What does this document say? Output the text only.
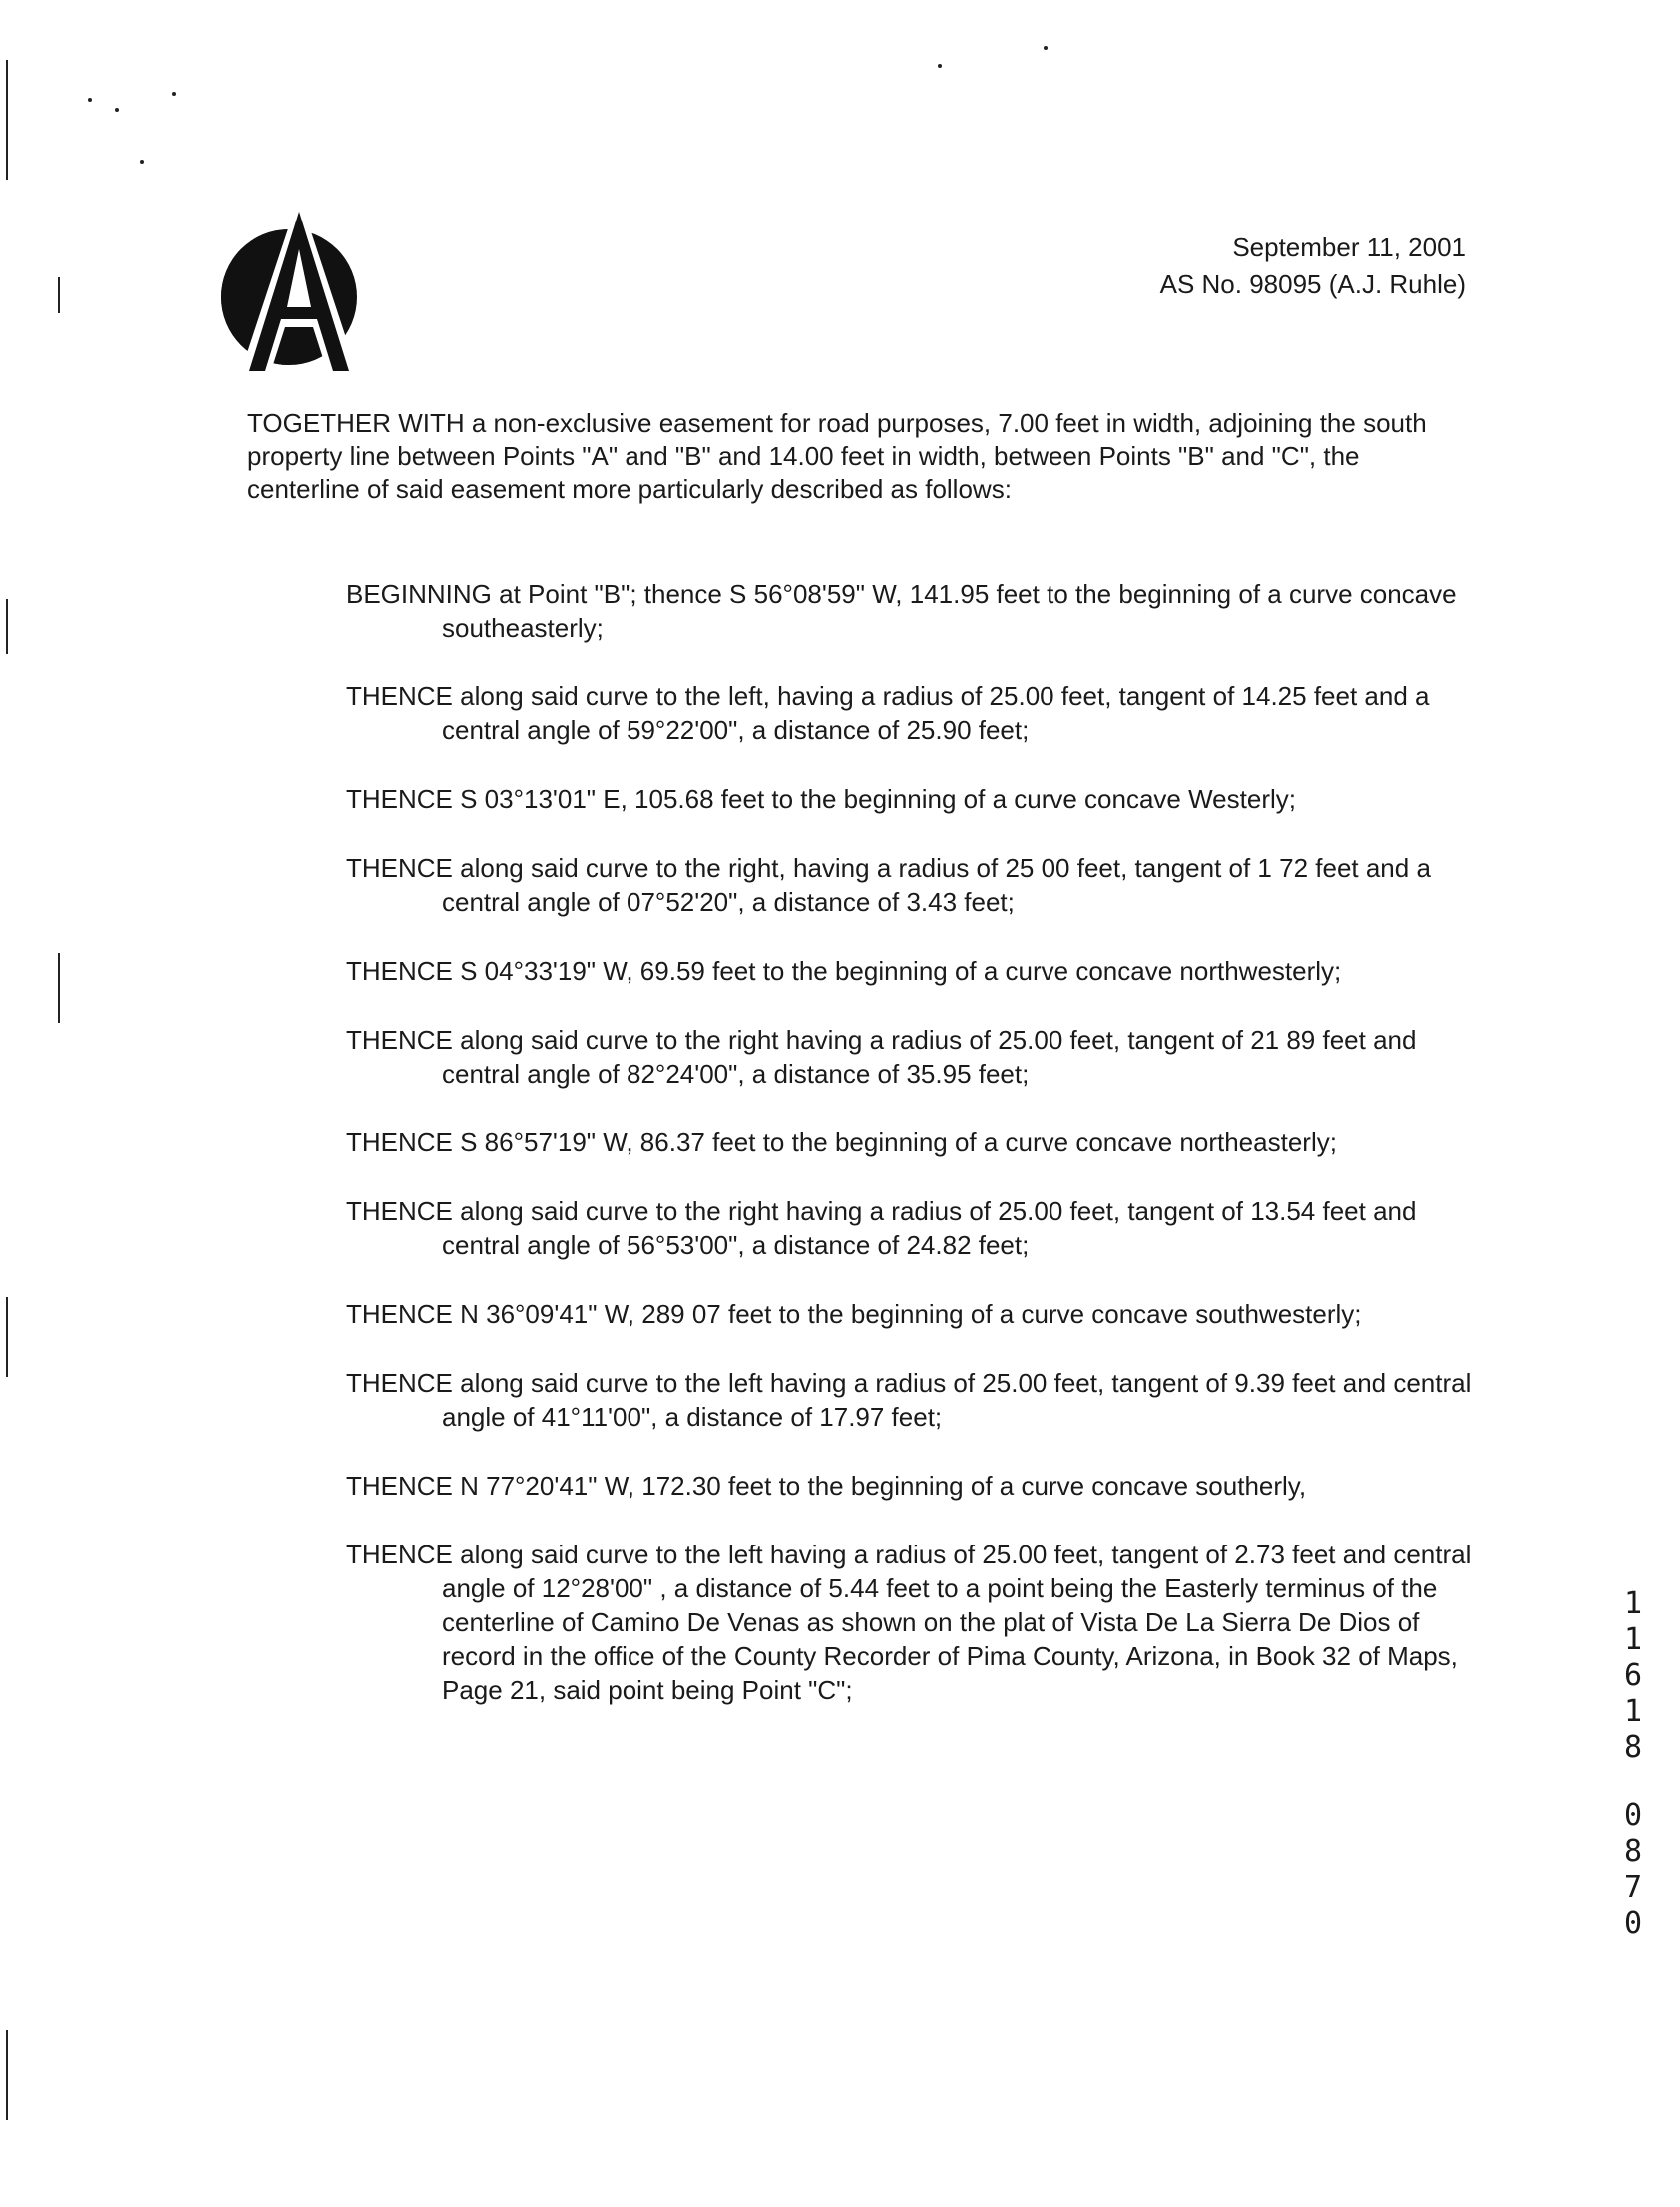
September 11, 2001
AS No. 98095 (A.J. Ruhle)
TOGETHER WITH a non-exclusive easement for road purposes, 7.00 feet in width, adjoining the south property line between Points "A" and "B" and 14.00 feet in width, between Points "B" and "C", the centerline of said easement more particularly described as follows:

BEGINNING at Point "B"; thence S 56°08'59" W, 141.95 feet to the beginning of a curve concave southeasterly;

THENCE along said curve to the left, having a radius of 25.00 feet, tangent of 14.25 feet and a central angle of 59°22'00", a distance of 25.90 feet;

THENCE S 03°13'01" E, 105.68 feet to the beginning of a curve concave Westerly;

THENCE along said curve to the right, having a radius of 25 00 feet, tangent of 1 72 feet and a central angle of 07°52'20", a distance of 3.43 feet;

THENCE S 04°33'19" W, 69.59 feet to the beginning of a curve concave northwesterly;

THENCE along said curve to the right having a radius of 25.00 feet, tangent of 21 89 feet and central angle of 82°24'00", a distance of 35.95 feet;

THENCE S 86°57'19" W, 86.37 feet to the beginning of a curve concave northeasterly;

THENCE along said curve to the right having a radius of 25.00 feet, tangent of 13.54 feet and central angle of 56°53'00", a distance of 24.82 feet;

THENCE N 36°09'41" W, 289 07 feet to the beginning of a curve concave southwesterly;

THENCE along said curve to the left having a radius of 25.00 feet, tangent of 9.39 feet and central angle of 41°11'00", a distance of 17.97 feet;

THENCE N 77°20'41" W, 172.30 feet to the beginning of a curve concave southerly,

THENCE along said curve to the left having a radius of 25.00 feet, tangent of 2.73 feet and central angle of 12°28'00" , a distance of 5.44 feet to a point being the Easterly terminus of the centerline of Camino De Venas as shown on the plat of Vista De La Sierra De Dios of record in the office of the County Recorder of Pima County, Arizona, in Book 32 of Maps, Page 21, said point being Point "C";

1
1
6
1
8
0
8
7
0
